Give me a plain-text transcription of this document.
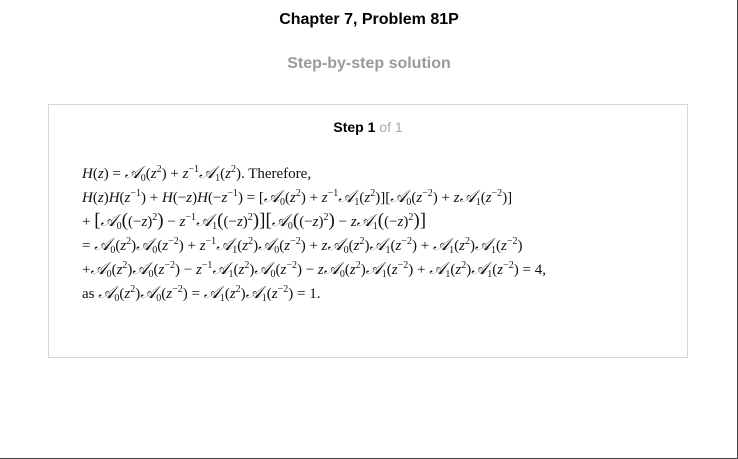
Chapter 7, Problem 81P
Step-by-step solution
Step 1 of 1
$H(z) = 𝒜_0(z^2)$ + $z^{-1}𝒜_1(z^2)$. Therefore,
$H(z)H(z^{-1}) + H(-z)H(-z^{-1})$ = [$𝒜_0(z^2)$ + $z^{-1}𝒜_1(z^2)][𝒜_0(z^{-2})$ + $z𝒜_1(z^{-2})$]
+ [$𝒜_0((-z)^2)$ − $z^{-1}𝒜_1((-z)^2)][𝒜_0((-z)^2)$ − $z𝒜_1((-z)^2)$]
= $𝒜_0(z^2)𝒜_0(z^{-2})$ + $z^{-1}𝒜_1(z^2)𝒜_0(z^{-2})$ + $z𝒜_0(z^2)𝒜_1(z^{-2})$ + $𝒜_1(z^2)𝒜_1(z^{-2})$
$+𝒜_0(z^2)𝒜_0(z^{-2})$ − $z^{-1}𝒜_1(z^2)𝒜_0(z^{-2})$ − $z𝒜_0(z^2)𝒜_1(z^{-2})$ + $𝒜_1(z^2)𝒜_1(z^{-2}) = 4$,
as $𝒜_0(z^2)𝒜_0(z^{-2})$ = $𝒜_1(z^2)𝒜_1(z^{-2}) = 1$.
